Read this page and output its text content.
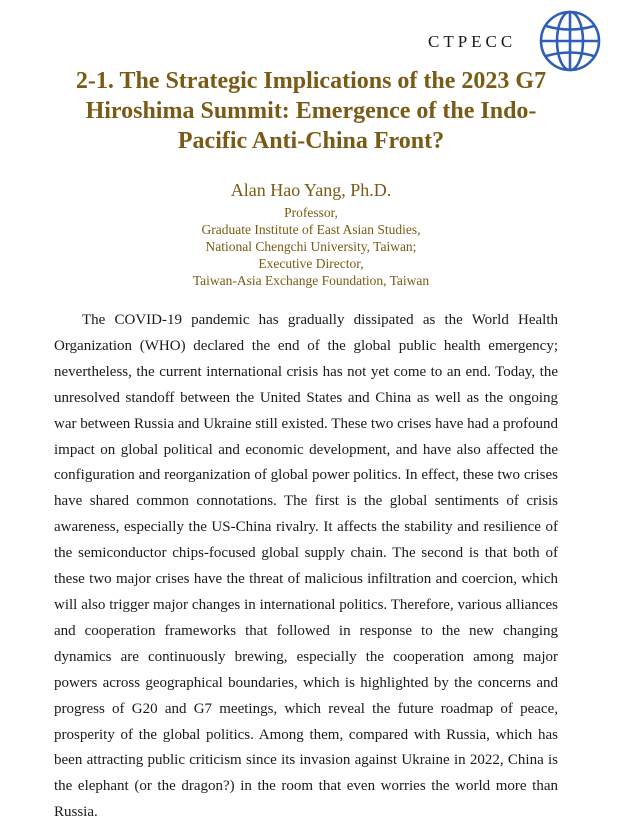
CTPECC
2-1. The Strategic Implications of the 2023 G7
Hiroshima Summit: Emergence of the Indo-
Pacific Anti-China Front?
Alan Hao Yang, Ph.D.
Professor,
Graduate Institute of East Asian Studies,
National Chengchi University, Taiwan;
Executive Director,
Taiwan-Asia Exchange Foundation, Taiwan

The COVID-19 pandemic has gradually dissipated as the World Health Organization (WHO) declared the end of the global public health emergency; nevertheless, the current international crisis has not yet come to an end. Today, the unresolved standoff between the United States and China as well as the ongoing war between Russia and Ukraine still existed. These two crises have had a profound impact on global political and economic development, and have also affected the configuration and reorganization of global power politics. In effect, these two crises have shared common connotations. The first is the global sentiments of crisis awareness, especially the US-China rivalry. It affects the stability and resilience of the semiconductor chips-focused global supply chain. The second is that both of these two major crises have the threat of malicious infiltration and coercion, which will also trigger major changes in international politics. Therefore, various alliances and cooperation frameworks that followed in response to the new changing dynamics are continuously brewing, especially the cooperation among major powers across geographical boundaries, which is highlighted by the concerns and progress of G20 and G7 meetings, which reveal the future roadmap of peace, prosperity of the global politics. Among them, compared with Russia, which has been attracting public criticism since its invasion against Ukraine in 2022, China is the elephant (or the dragon?) in the room that even worries the world more than Russia.
